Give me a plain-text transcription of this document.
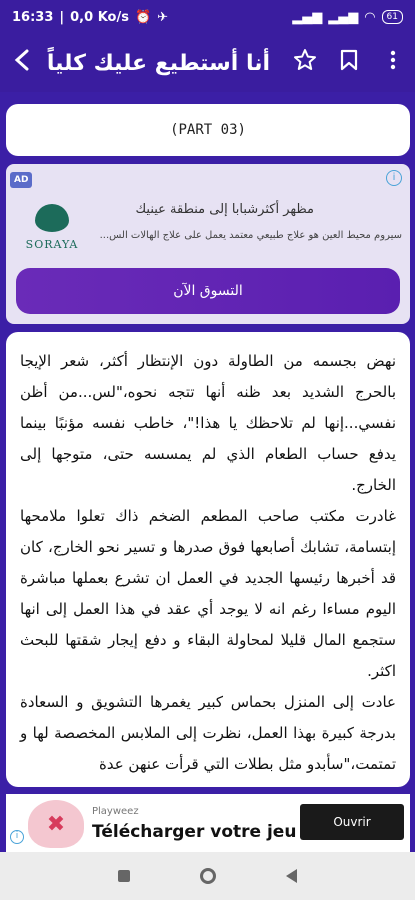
16:33 | 0,0 Ko/s ⏰ ✈	▂▄▆ ▂▄▆ ◠	61
أنا أستطيع عليك كلياً
(PART 03)
AD	i
SORAYA
مظهر أكثرشبابا إلى منطقة عينيك
سيروم محيط العين هو علاج طبيعي معتمد يعمل على علاج الهالات الس...
التسوق الآن

نهض بجسمه من الطاولة دون الإنتظار أكثر، شعر الإيجا بالحرج الشديد بعد ظنه أنها تتجه نحوه،"لس...من أظن نفسي...إنها لم تلاحظك يا هذا!"، خاطب نفسه مؤنبًا بينما يدفع حساب الطعام الذي لم يمسسه حتى، متوجها إلى الخارج.

غادرت مكتب صاحب المطعم الضخم ذاك تعلوا ملامحها إبتسامة، تشابك أصابعها فوق صدرها و تسير نحو الخارج، كان قد أخبرها رئيسها الجديد في العمل ان تشرع بعملها مباشرة اليوم مساءا رغم انه لا يوجد أي عقد في هذا العمل إلى انها ستجمع المال قليلا لمحاولة البقاء و دفع إيجار شقتها للبحث اكثر.

عادت إلى المنزل بحماس كبير يغمرها التشويق و السعادة بدرجة كبيرة بهذا العمل، نظرت إلى الملابس المخصصة لها و تمتمت،"سأبدو مثل بطلات التي قرأت عنهن عدة

i	✖	Playweez
Télécharger votre jeu	Ouvrir
